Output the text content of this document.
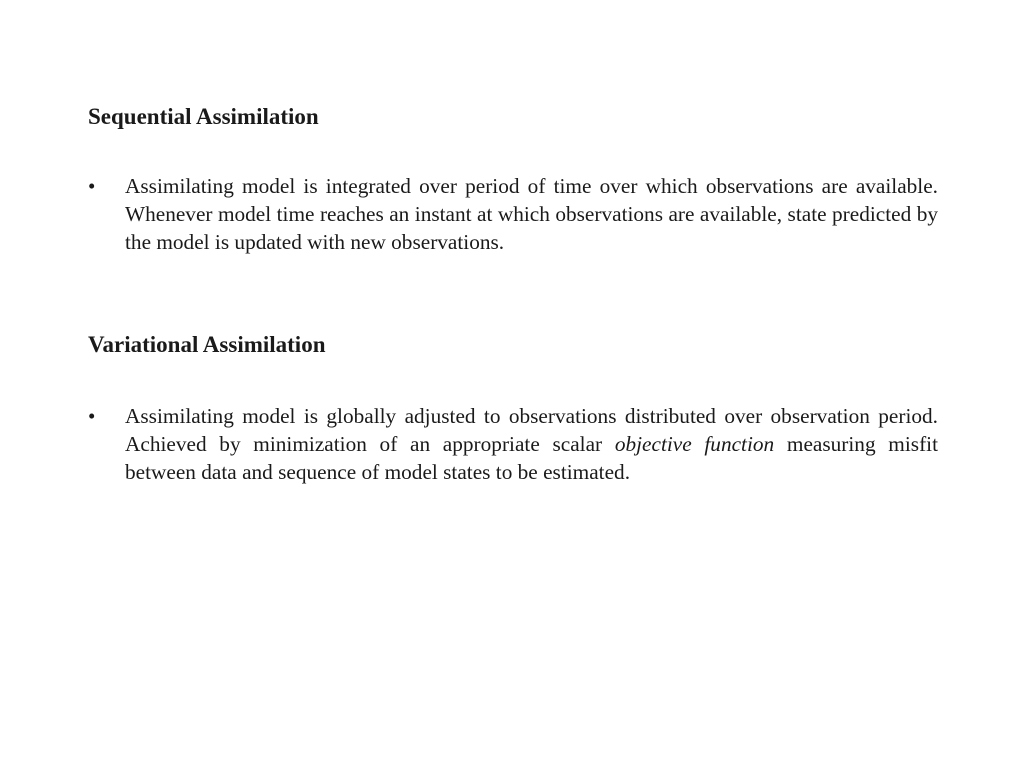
Sequential Assimilation
• Assimilating model is integrated over period of time over which observations are available. Whenever model time reaches an instant at which observations are available, state predicted by the model is updated with new observations.

Variational Assimilation
• Assimilating model is globally adjusted to observations distributed over observation period. Achieved by minimization of an appropriate scalar objective function measuring misfit between data and sequence of model states to be estimated.
